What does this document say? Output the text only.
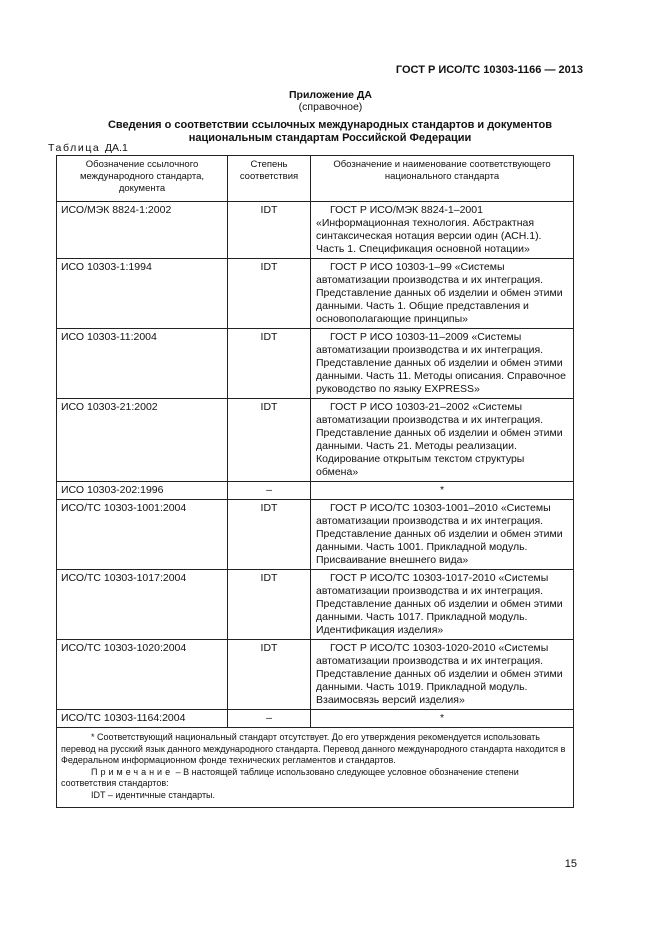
ГОСТ Р ИСО/ТС 10303-1166 — 2013
Приложение ДА
(справочное)
Сведения о соответствии ссылочных международных стандартов и документов
национальным стандартам Российской Федерации
Таблица ДА.1
Обозначение ссылочного международного стандарта, документа	Степень соответствия	Обозначение и наименование соответствующего национального стандарта
ИСО/МЭК 8824-1:2002	IDT	ГОСТ Р ИСО/МЭК 8824-1–2001 «Информационная технология. Абстрактная синтаксическая нотация версии один (АСН.1). Часть 1. Спецификация основной нотации»
ИСО 10303-1:1994	IDT	ГОСТ Р ИСО 10303-1–99 «Системы автоматизации производства и их интеграция. Представление данных об изделии и обмен этими данными. Часть 1. Общие представления и основополагающие принципы»
ИСО 10303-11:2004	IDT	ГОСТ Р ИСО 10303-11–2009 «Системы автоматизации производства и их интеграция. Представление данных об изделии и обмен этими данными. Часть 11. Методы описания. Справочное руководство по языку EXPRESS»
ИСО 10303-21:2002	IDT	ГОСТ Р ИСО 10303-21–2002 «Системы автоматизации производства и их интеграция. Представление данных об изделии и обмен этими данными. Часть 21. Методы реализации. Кодирование открытым текстом структуры обмена»
ИСО 10303-202:1996	–	*
ИСО/ТС 10303-1001:2004	IDT	ГОСТ Р ИСО/ТС 10303-1001–2010 «Системы автоматизации производства и их интеграция. Представление данных об изделии и обмен этими данными. Часть 1001. Прикладной модуль. Присваивание внешнего вида»
ИСО/ТС 10303-1017:2004	IDT	ГОСТ Р ИСО/ТС 10303-1017-2010 «Системы автоматизации производства и их интеграция. Представление данных об изделии и обмен этими данными. Часть 1017. Прикладной модуль. Идентификация изделия»
ИСО/ТС 10303-1020:2004	IDT	ГОСТ Р ИСО/ТС 10303-1020-2010 «Системы автоматизации производства и их интеграция. Представление данных об изделии и обмен этими данными. Часть 1019. Прикладной модуль. Взаимосвязь версий изделия»
ИСО/ТС 10303-1164:2004	–	*

* Соответствующий национальный стандарт отсутствует. До его утверждения рекомендуется использовать перевод на русский язык данного международного стандарта. Перевод данного международного стандарта находится в Федеральном информационном фонде технических регламентов и стандартов.

Примечание – В настоящей таблице использовано следующее условное обозначение степени соответствия стандартов:

IDT – идентичные стандарты.		

15
